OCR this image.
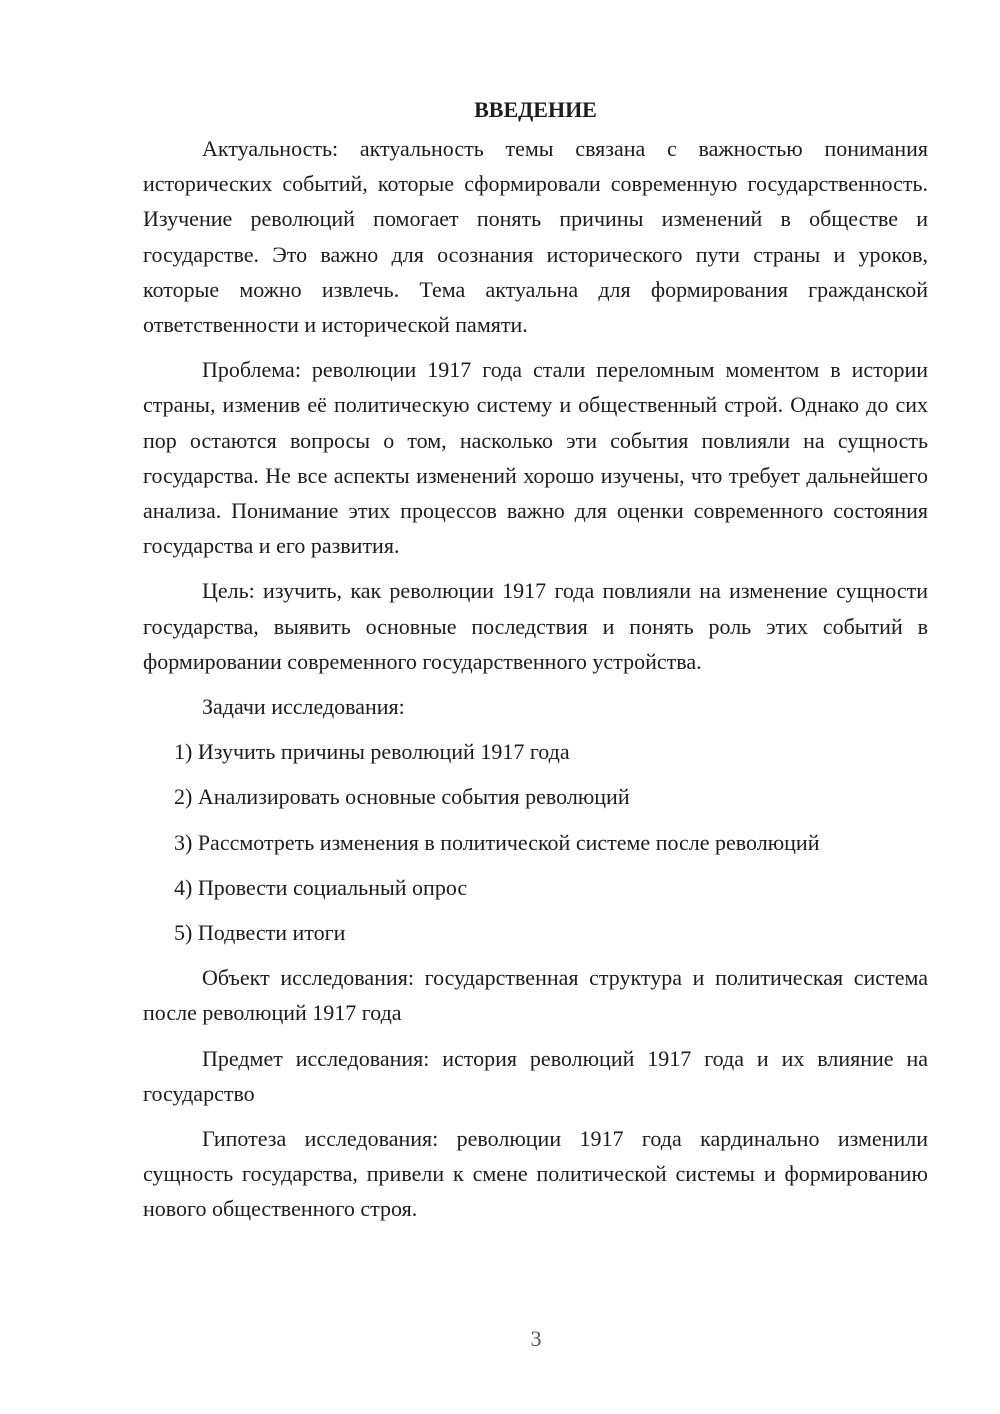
ВВЕДЕНИЕ

Актуальность: актуальность темы связана с важностью понимания исторических событий, которые сформировали современную государственность. Изучение революций помогает понять причины изменений в обществе и государстве. Это важно для осознания исторического пути страны и уроков, которые можно извлечь. Тема актуальна для формирования гражданской ответственности и исторической памяти.

Проблема: революции 1917 года стали переломным моментом в истории страны, изменив её политическую систему и общественный строй. Однако до сих пор остаются вопросы о том, насколько эти события повлияли на сущность государства. Не все аспекты изменений хорошо изучены, что требует дальнейшего анализа. Понимание этих процессов важно для оценки современного состояния государства и его развития.

Цель: изучить, как революции 1917 года повлияли на изменение сущности государства, выявить основные последствия и понять роль этих событий в формировании современного государственного устройства.

Задачи исследования:

1) Изучить причины революций 1917 года
2) Анализировать основные события революций
3) Рассмотреть изменения в политической системе после революций
4) Провести социальный опрос
5) Подвести итоги

Объект исследования: государственная структура и политическая система после революций 1917 года

Предмет исследования: история революций 1917 года и их влияние на государство

Гипотеза исследования: революции 1917 года кардинально изменили сущность государства, привели к смене политической системы и формированию нового общественного строя.

3
